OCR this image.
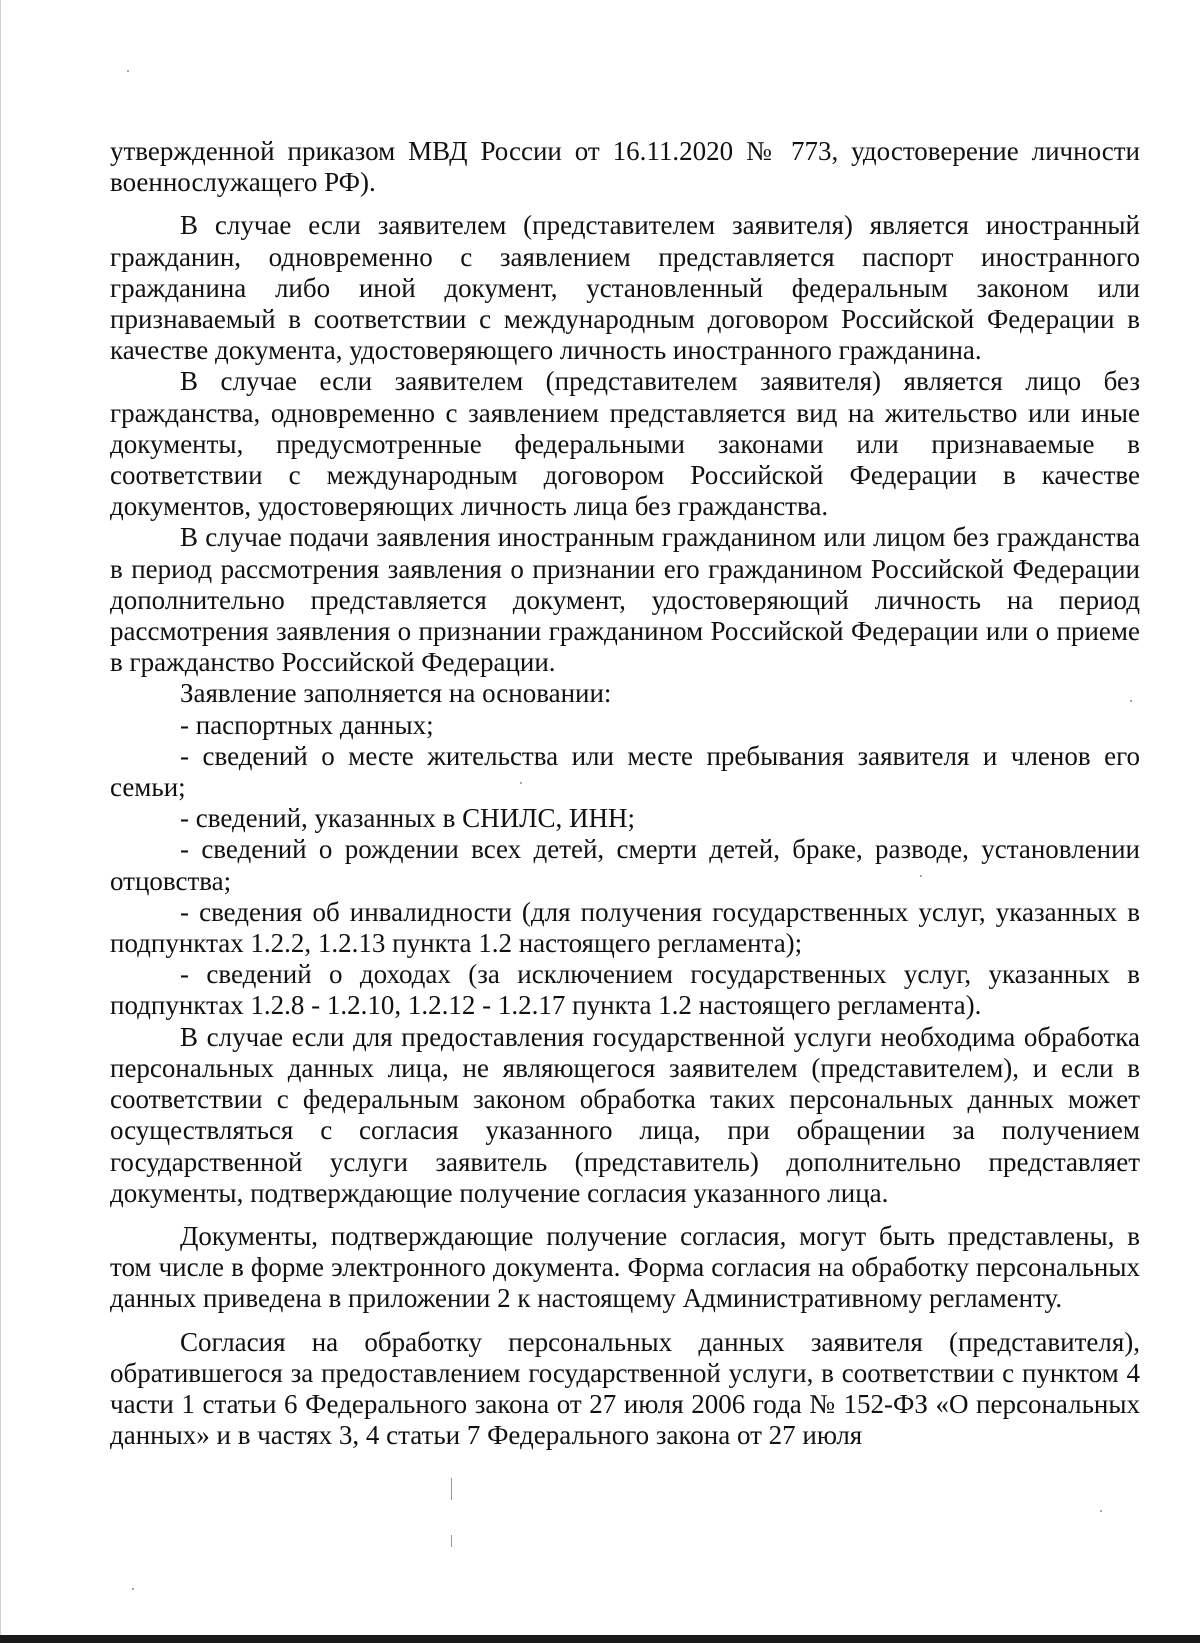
утвержденной приказом МВД России от 16.11.2020 № 773, удостоверение личности военнослужащего РФ).

В случае если заявителем (представителем заявителя) является иностранный гражданин, одновременно с заявлением представляется паспорт иностранного гражданина либо иной документ, установленный федеральным законом или признаваемый в соответствии с международным договором Российской Федерации в качестве документа, удостоверяющего личность иностранного гражданина.

В случае если заявителем (представителем заявителя) является лицо без гражданства, одновременно с заявлением представляется вид на жительство или иные документы, предусмотренные федеральными законами или признаваемые в соответствии с международным договором Российской Федерации в качестве документов, удостоверяющих личность лица без гражданства.

В случае подачи заявления иностранным гражданином или лицом без гражданства в период рассмотрения заявления о признании его гражданином Российской Федерации дополнительно представляется документ, удостоверяющий личность на период рассмотрения заявления о признании гражданином Российской Федерации или о приеме в гражданство Российской Федерации.

Заявление заполняется на основании:

- паспортных данных;

- сведений о месте жительства или месте пребывания заявителя и членов его семьи;

- сведений, указанных в СНИЛС, ИНН;

- сведений о рождении всех детей, смерти детей, браке, разводе, установлении отцовства;

- сведения об инвалидности (для получения государственных услуг, указанных в подпунктах 1.2.2, 1.2.13 пункта 1.2 настоящего регламента);

- сведений о доходах (за исключением государственных услуг, указанных в подпунктах 1.2.8 - 1.2.10, 1.2.12 - 1.2.17 пункта 1.2 настоящего регламента).

В случае если для предоставления государственной услуги необходима обработка персональных данных лица, не являющегося заявителем (представителем), и если в соответствии с федеральным законом обработка таких персональных данных может осуществляться с согласия указанного лица, при обращении за получением государственной услуги заявитель (представитель) дополнительно представляет документы, подтверждающие получение согласия указанного лица.

Документы, подтверждающие получение согласия, могут быть представлены, в том числе в форме электронного документа. Форма согласия на обработку персональных данных приведена в приложении 2 к настоящему Административному регламенту.

Согласия на обработку персональных данных заявителя (представителя), обратившегося за предоставлением государственной услуги, в соответствии с пунктом 4 части 1 статьи 6 Федерального закона от 27 июля 2006 года № 152-ФЗ «О персональных данных» и в частях 3, 4 статьи 7 Федерального закона от 27 июля
